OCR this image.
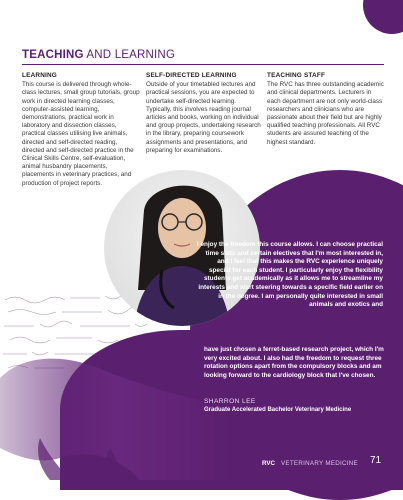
TEACHING AND LEARNING
LEARNING

This course is delivered through whole-class lectures, small group tutorials, group work in directed learning classes, computer-assisted learning, demonstrations, practical work in laboratory and dissection classes, practical classes utilising live animals, directed and self-directed reading, directed and self-directed practice in the Clinical Skills Centre, self-evaluation, animal husbandry placements, placements in veterinary practices, and production of project reports.

SELF-DIRECTED LEARNING

Outside of your timetabled lectures and practical sessions, you are expected to undertake self-directed learning. Typically, this involves reading journal articles and books, working on individual and group projects, undertaking research in the library, preparing coursework assignments and presentations, and preparing for examinations.

TEACHING STAFF

The RVC has three outstanding academic and clinical departments. Lecturers in each department are not only world-class researchers and clinicians who are passionate about their field but are highly qualified teaching professionals. All RVC students are assured teaching of the highest standard.

I enjoy the freedom this course allows. I can choose practical time slots and certain electives that I'm most interested in, and I feel that this makes the RVC experience uniquely special for each student. I particularly enjoy the flexibility students get academically as it allows me to streamline my interests and start steering towards a specific field earlier on in the degree. I am personally quite interested in small animals and exotics and
have just chosen a ferret-based research project, which I'm very excited about. I also had the freedom to request three rotation options apart from the compulsory blocks and am looking forward to the cardiology block that I've chosen.
SHARRON LEE
Graduate Accelerated Bachelor Veterinary Medicine
RVC VETERINARY MEDICINE 71
